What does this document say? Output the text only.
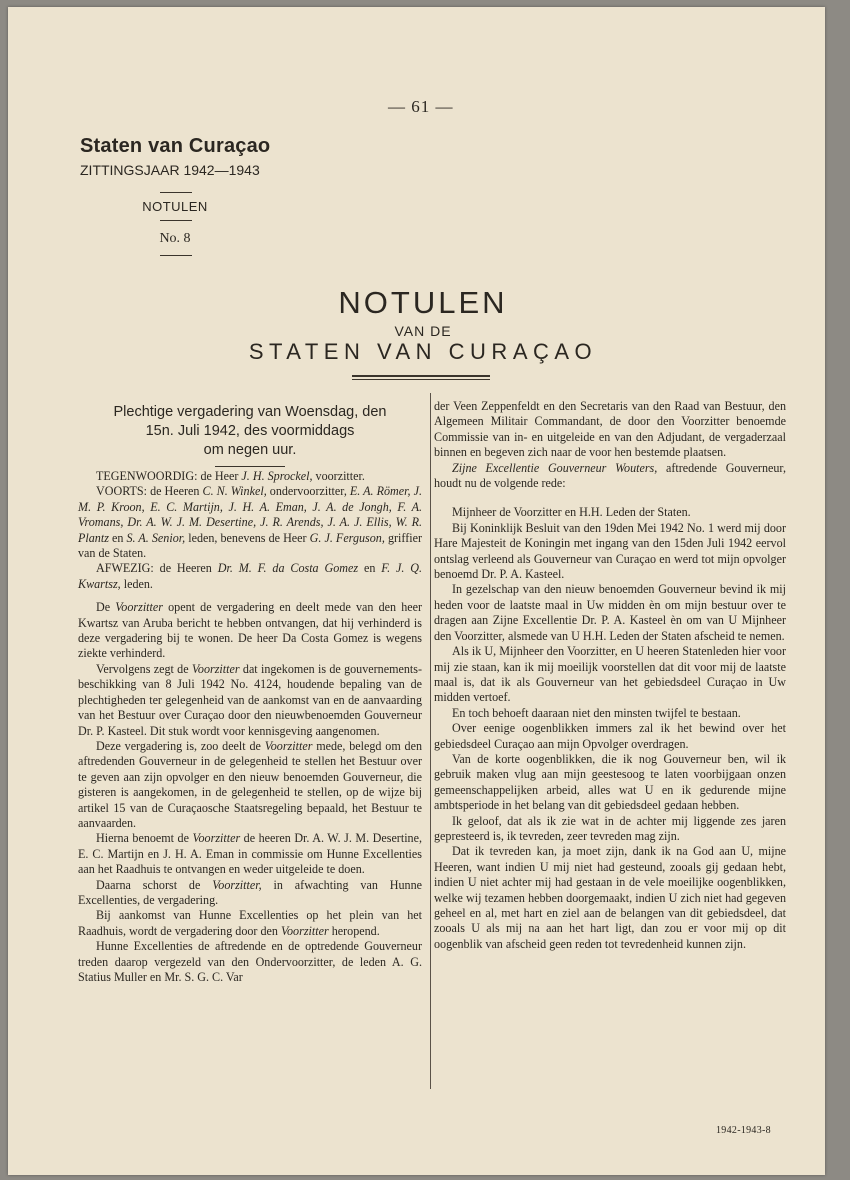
— 61 —
Staten van Curaçao
ZITTINGSJAAR 1942—1943
NOTULEN
No. 8
NOTULEN
VAN DE
STATEN VAN CURAÇAO
Plechtige vergadering van Woensdag, den
15n. Juli 1942, des voormiddags
om negen uur.

TEGENWOORDIG: de Heer J. H. Sprockel, voorzitter.

VOORTS: de Heeren C. N. Winkel, ondervoorzitter, E. A. Römer, J. M. P. Kroon, E. C. Martijn, J. H. A. Eman, J. A. de Jongh, F. A. Vromans, Dr. A. W. J. M. Desertine, J. R. Arends, J. A. J. Ellis, W. R. Plantz en S. A. Senior, leden, benevens de Heer G. J. Ferguson, griffier van de Staten.

AFWEZIG: de Heeren Dr. M. F. da Costa Gomez en F. J. Q. Kwartsz, leden.

De Voorzitter opent de vergadering en deelt mede van den heer Kwartsz van Aruba bericht te hebben ontvangen, dat hij verhinderd is deze vergadering bij te wonen. De heer Da Costa Gomez is wegens ziekte verhinderd.

Vervolgens zegt de Voorzitter dat ingekomen is de gouvernements-beschikking van 8 Juli 1942 No. 4124, houdende bepaling van de plechtigheden ter gelegenheid van de aankomst van en de aanvaarding van het Bestuur over Curaçao door den nieuwbenoemden Gouverneur Dr. P. Kasteel. Dit stuk wordt voor kennisgeving aangenomen.

Deze vergadering is, zoo deelt de Voorzitter mede, belegd om den aftredenden Gouverneur in de gelegenheid te stellen het Bestuur over te geven aan zijn opvolger en den nieuw benoemden Gouverneur, die gisteren is aangekomen, in de gelegenheid te stellen, op de wijze bij artikel 15 van de Curaçaosche Staatsregeling bepaald, het Bestuur te aanvaarden.

Hierna benoemt de Voorzitter de heeren Dr. A. W. J. M. Desertine, E. C. Martijn en J. H. A. Eman in commissie om Hunne Excellenties aan het Raadhuis te ontvangen en weder uitgeleide te doen.

Daarna schorst de Voorzitter, in afwachting van Hunne Excellenties, de vergadering.

Bij aankomst van Hunne Excellenties op het plein van het Raadhuis, wordt de vergadering door den Voorzitter heropend.

Hunne Excellenties de aftredende en de optredende Gouverneur treden daarop vergezeld van den Ondervoorzitter, de leden A. G. Statius Muller en Mr. S. G. C. Var

der Veen Zeppenfeldt en den Secretaris van den Raad van Bestuur, den Algemeen Militair Commandant, de door den Voorzitter benoemde Commissie van in- en uitgeleide en van den Adjudant, de vergaderzaal binnen en begeven zich naar de voor hen bestemde plaatsen.

Zijne Excellentie Gouverneur Wouters, aftredende Gouverneur, houdt nu de volgende rede:

Mijnheer de Voorzitter en H.H. Leden der Staten.

Bij Koninklijk Besluit van den 19den Mei 1942 No. 1 werd mij door Hare Majesteit de Koningin met ingang van den 15den Juli 1942 eervol ontslag verleend als Gouverneur van Curaçao en werd tot mijn opvolger benoemd Dr. P. A. Kasteel.

In gezelschap van den nieuw benoemden Gouverneur bevind ik mij heden voor de laatste maal in Uw midden èn om mijn bestuur over te dragen aan Zijne Excellentie Dr. P. A. Kasteel èn om van U Mijnheer den Voorzitter, alsmede van U H.H. Leden der Staten afscheid te nemen.

Als ik U, Mijnheer den Voorzitter, en U heeren Statenleden hier voor mij zie staan, kan ik mij moeilijk voorstellen dat dit voor mij de laatste maal is, dat ik als Gouverneur van het gebiedsdeel Curaçao in Uw midden vertoef.

En toch behoeft daaraan niet den minsten twijfel te bestaan.

Over eenige oogenblikken immers zal ik het bewind over het gebiedsdeel Curaçao aan mijn Opvolger overdragen.

Van de korte oogenblikken, die ik nog Gouverneur ben, wil ik gebruik maken vlug aan mijn geestesoog te laten voorbijgaan onzen gemeenschappelijken arbeid, alles wat U en ik gedurende mijne ambtsperiode in het belang van dit gebiedsdeel gedaan hebben.

Ik geloof, dat als ik zie wat in de achter mij liggende zes jaren gepresteerd is, ik tevreden, zeer tevreden mag zijn.

Dat ik tevreden kan, ja moet zijn, dank ik na God aan U, mijne Heeren, want indien U mij niet had gesteund, zooals gij gedaan hebt, indien U niet achter mij had gestaan in de vele moeilijke oogenblikken, welke wij tezamen hebben doorgemaakt, indien U zich niet had gegeven geheel en al, met hart en ziel aan de belangen van dit gebiedsdeel, dat zooals U als mij na aan het hart ligt, dan zou er voor mij op dit oogenblik van afscheid geen reden tot tevredenheid kunnen zijn.

1942-1943-8
